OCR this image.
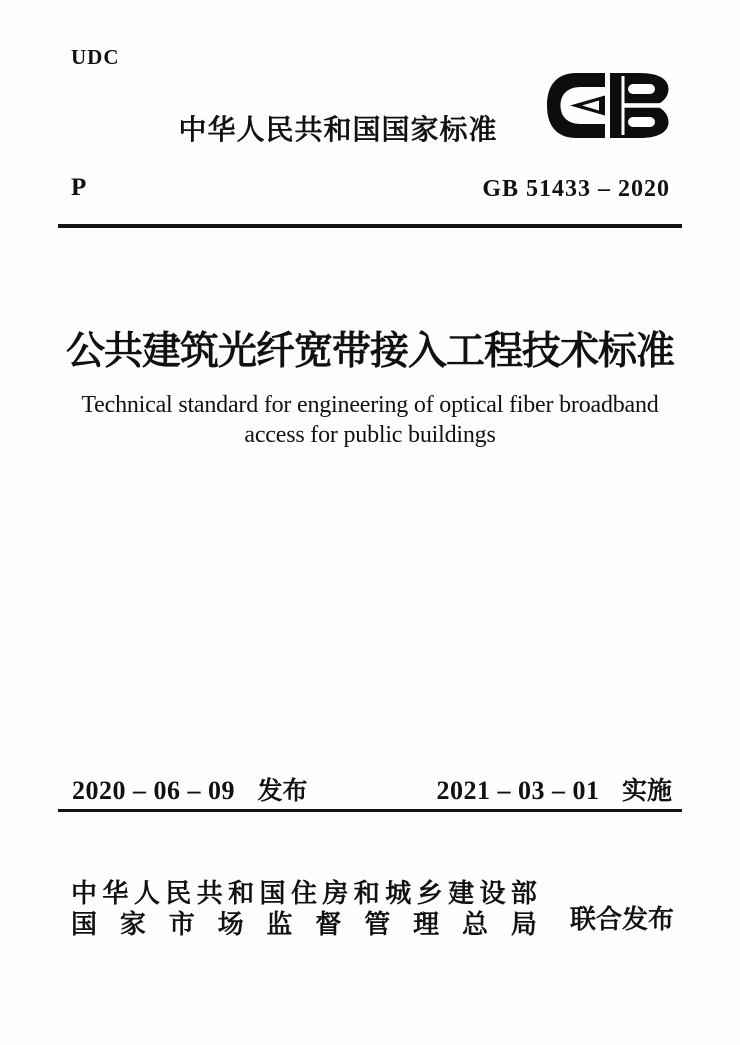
UDC
中华人民共和国国家标准
P	GB 51433 – 2020
公共建筑光纤宽带接入工程技术标准
Technical standard for engineering of optical fiber broadband
access for public buildings
2020 – 06 – 09 发布	2021 – 03 – 01 实施
中 华 人 民 共 和 国 住 房 和 城 乡 建 设 部
国 家 市 场 监 督 管 理 总 局 联合发布
